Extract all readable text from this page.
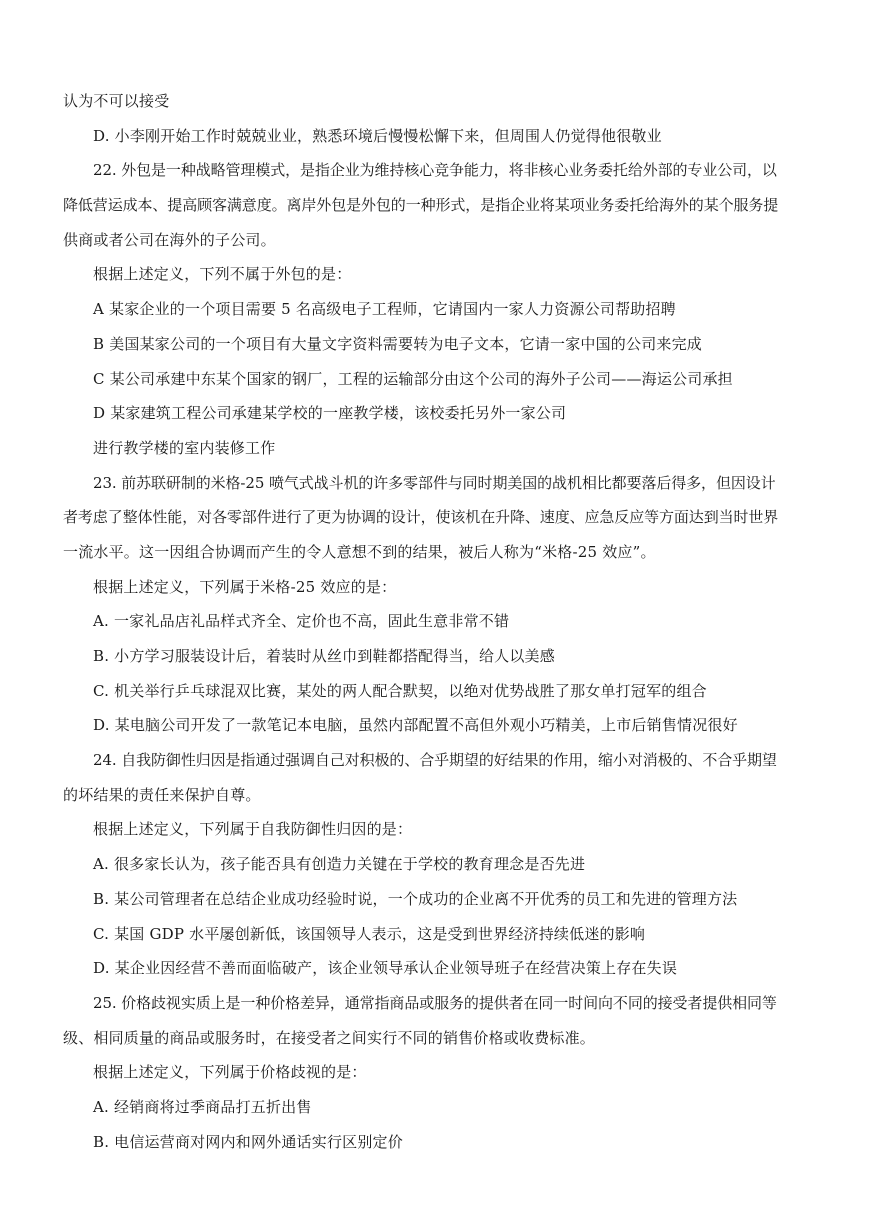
认为不可以接受
D. 小李刚开始工作时兢兢业业，熟悉环境后慢慢松懈下来，但周围人仍觉得他很敬业
22. 外包是一种战略管理模式，是指企业为维持核心竞争能力，将非核心业务委托给外部的专业公司，以
降低营运成本、提高顾客满意度。离岸外包是外包的一种形式，是指企业将某项业务委托给海外的某个服务提
供商或者公司在海外的子公司。
根据上述定义，下列不属于外包的是：
A 某家企业的一个项目需要 5 名高级电子工程师，它请国内一家人力资源公司帮助招聘
B 美国某家公司的一个项目有大量文字资料需要转为电子文本，它请一家中国的公司来完成
C 某公司承建中东某个国家的钢厂，工程的运输部分由这个公司的海外子公司——海运公司承担
D 某家建筑工程公司承建某学校的一座教学楼，该校委托另外一家公司
进行教学楼的室内装修工作
23. 前苏联研制的米格-25 喷气式战斗机的许多零部件与同时期美国的战机相比都要落后得多，但因设计
者考虑了整体性能，对各零部件进行了更为协调的设计，使该机在升降、速度、应急反应等方面达到当时世界
一流水平。这一因组合协调而产生的令人意想不到的结果，被后人称为“米格-25 效应”。
根据上述定义，下列属于米格-25 效应的是：
A. 一家礼品店礼品样式齐全、定价也不高，固此生意非常不错
B. 小方学习服装设计后，着装时从丝巾到鞋都搭配得当，给人以美感
C. 机关举行乒乓球混双比赛，某处的两人配合默契，以绝对优势战胜了那女单打冠军的组合
D. 某电脑公司开发了一款笔记本电脑，虽然内部配置不高但外观小巧精美，上市后销售情况很好
24. 自我防御性归因是指通过强调自己对积极的、合乎期望的好结果的作用，缩小对消极的、不合乎期望
的坏结果的责任来保护自尊。
根据上述定义，下列属于自我防御性归因的是：
A. 很多家长认为，孩子能否具有创造力关键在于学校的教育理念是否先进
B. 某公司管理者在总结企业成功经验时说，一个成功的企业离不开优秀的员工和先进的管理方法
C. 某国 GDP 水平屡创新低，该国领导人表示，这是受到世界经济持续低迷的影响
D. 某企业因经营不善而面临破产，该企业领导承认企业领导班子在经营决策上存在失误
25. 价格歧视实质上是一种价格差异，通常指商品或服务的提供者在同一时间向不同的接受者提供相同等
级、相同质量的商品或服务时，在接受者之间实行不同的销售价格或收费标准。
根据上述定义，下列属于价格歧视的是：
A. 经销商将过季商品打五折出售
B. 电信运营商对网内和网外通话实行区别定价
